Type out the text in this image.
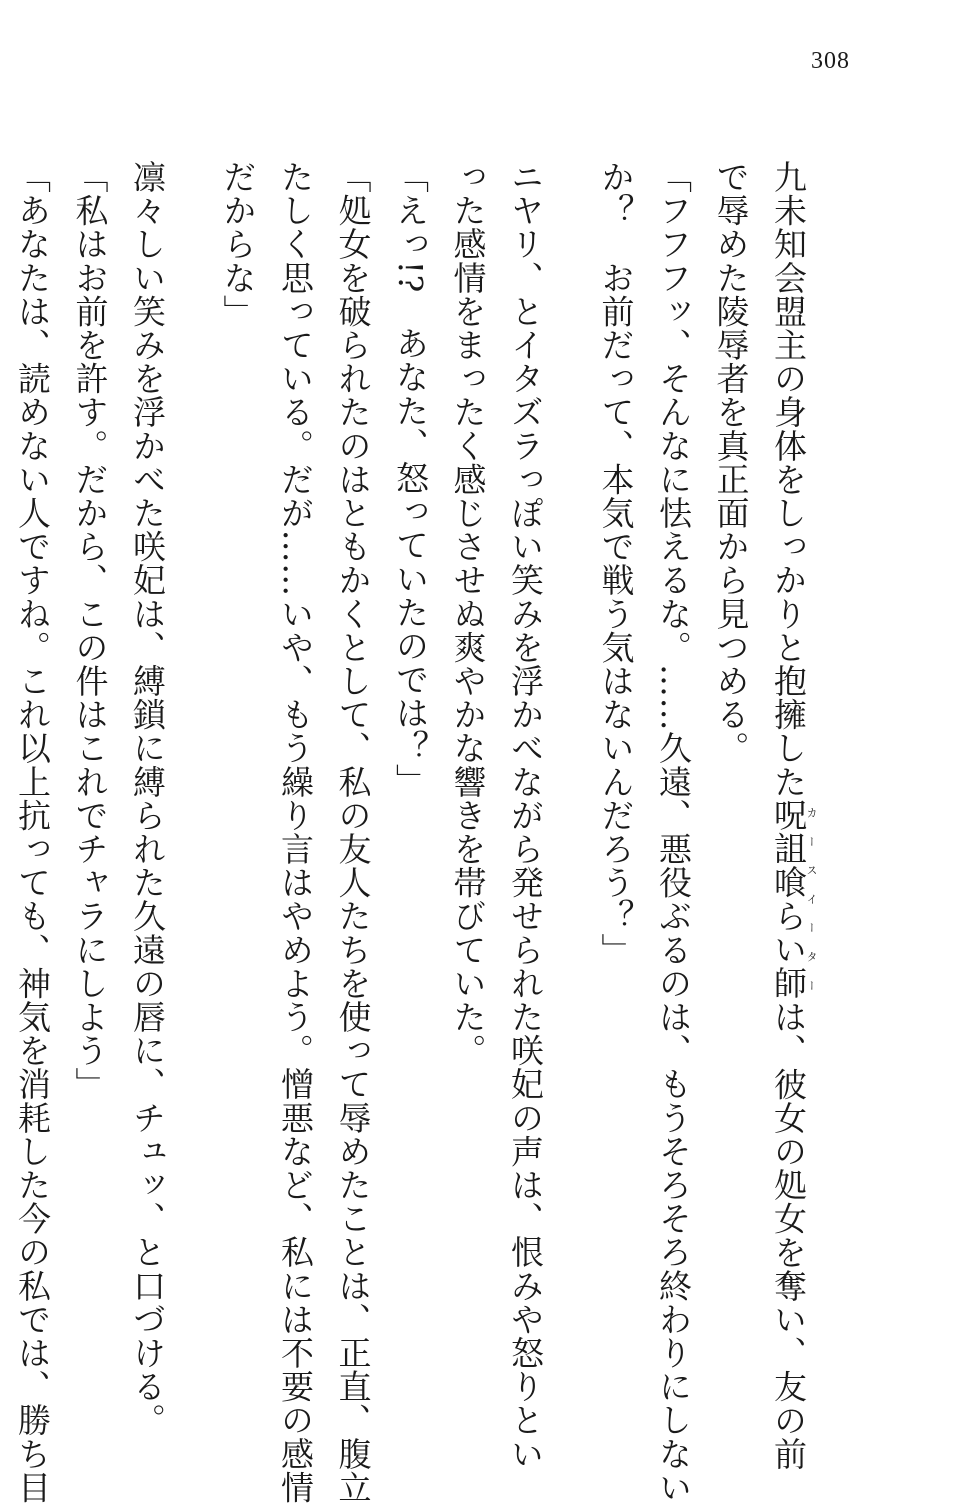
308
九未知会盟主の身体をしっかりと抱擁した呪詛喰らい師カースイーターは、彼女の処女を奪い、友の前
で辱めた陵辱者を真正面から見つめる。
「フフフッ、そんなに怯えるな。……久遠、悪役ぶるのは、もうそろそろ終わりにしない
か？　お前だって、本気で戦う気はないんだろう？」
ニヤリ、とイタズラっぽい笑みを浮かべながら発せられた咲妃の声は、恨みや怒りとい
った感情をまったく感じさせぬ爽やかな響きを帯びていた。
「えっ!?　あなた、怒っていたのでは？」
「処女を破られたのはともかくとして、私の友人たちを使って辱めたことは、正直、腹立
たしく思っている。だが……いや、もう繰り言はやめよう。憎悪など、私には不要の感情
だからな」
凛々しい笑みを浮かべた咲妃は、縛鎖に縛られた久遠の唇に、チュッ、と口づける。
「私はお前を許す。だから、この件はこれでチャラにしよう」
「あなたは、読めない人ですね。これ以上抗っても、神気を消耗した今の私では、勝ち目
